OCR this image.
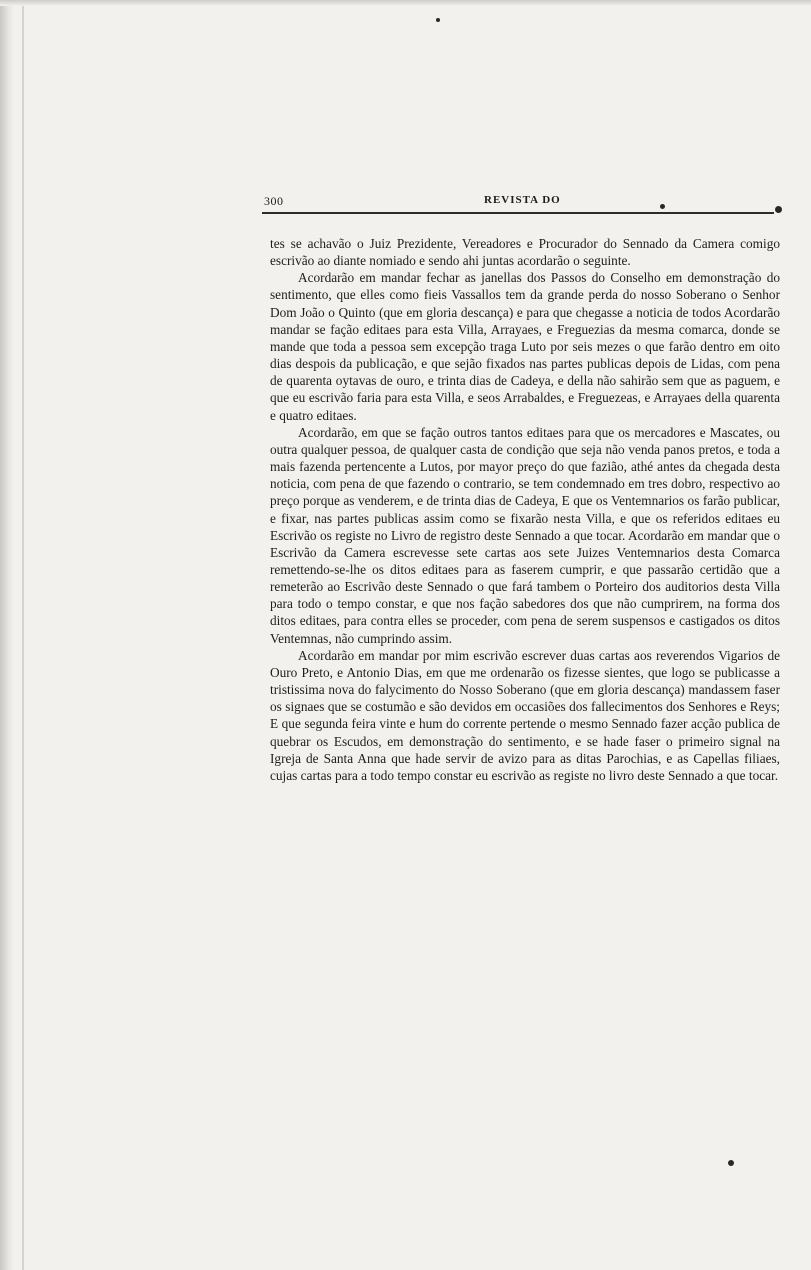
300	REVISTA DO

tes se achavão o Juiz Prezidente, Vereadores e Procurador do Sennado da Camera comigo escrivão ao diante nomiado e sendo ahi juntas acordarão o seguinte.

Acordarão em mandar fechar as janellas dos Passos do Conselho em demonstração do sentimento, que elles como fieis Vassallos tem da grande perda do nosso Soberano o Senhor Dom João o Quinto (que em gloria descança) e para que chegasse a noticia de todos Acordarão mandar se fação editaes para esta Villa, Arrayaes, e Freguezias da mesma comarca, donde se mande que toda a pessoa sem excepção traga Luto por seis mezes o que farão dentro em oito dias despois da publicação, e que sejão fixados nas partes publicas depois de Lidas, com pena de quarenta oytavas de ouro, e trinta dias de Cadeya, e della não sahirão sem que as paguem, e que eu escrivão faria para esta Villa, e seos Arrabaldes, e Freguezeas, e Arrayaes della quarenta e quatro editaes.

Acordarão, em que se fação outros tantos editaes para que os mercadores e Mascates, ou outra qualquer pessoa, de qualquer casta de condição que seja não venda panos pretos, e toda a mais fazenda pertencente a Lutos, por mayor preço do que fazião, athé antes da chegada desta noticia, com pena de que fazendo o contrario, se tem condemnado em tres dobro, respectivo ao preço porque as venderem, e de trinta dias de Cadeya, E que os Ventemnarios os farão publicar, e fixar, nas partes publicas assim como se fixarão nesta Villa, e que os referidos editaes eu Escrivão os registe no Livro de registro deste Sennado a que tocar. Acordarão em mandar que o Escrivão da Camera escrevesse sete cartas aos sete Juizes Ventemnarios desta Comarca remettendo-se-lhe os ditos editaes para as faserem cumprir, e que passarão certidão que a remeterão ao Escrivão deste Sennado o que fará tambem o Porteiro dos auditorios desta Villa para todo o tempo constar, e que nos fação sabedores dos que não cumprirem, na forma dos ditos editaes, para contra elles se proceder, com pena de serem suspensos e castigados os ditos Ventemnas, não cumprindo assim.

Acordarão em mandar por mim escrivão escrever duas cartas aos reverendos Vigarios de Ouro Preto, e Antonio Dias, em que me ordenarão os fizesse sientes, que logo se publicasse a tristissima nova do falycimento do Nosso Soberano (que em gloria descança) mandassem faser os signaes que se costumão e são devidos em occasiões dos fallecimentos dos Senhores e Reys; E que segunda feira vinte e hum do corrente pertende o mesmo Sennado fazer acção publica de quebrar os Escudos, em demonstração do sentimento, e se hade faser o primeiro signal na Igreja de Santa Anna que hade servir de avizo para as ditas Parochias, e as Capellas filiaes, cujas cartas para a todo tempo constar eu escrivão as registe no livro deste Sennado a que tocar.
